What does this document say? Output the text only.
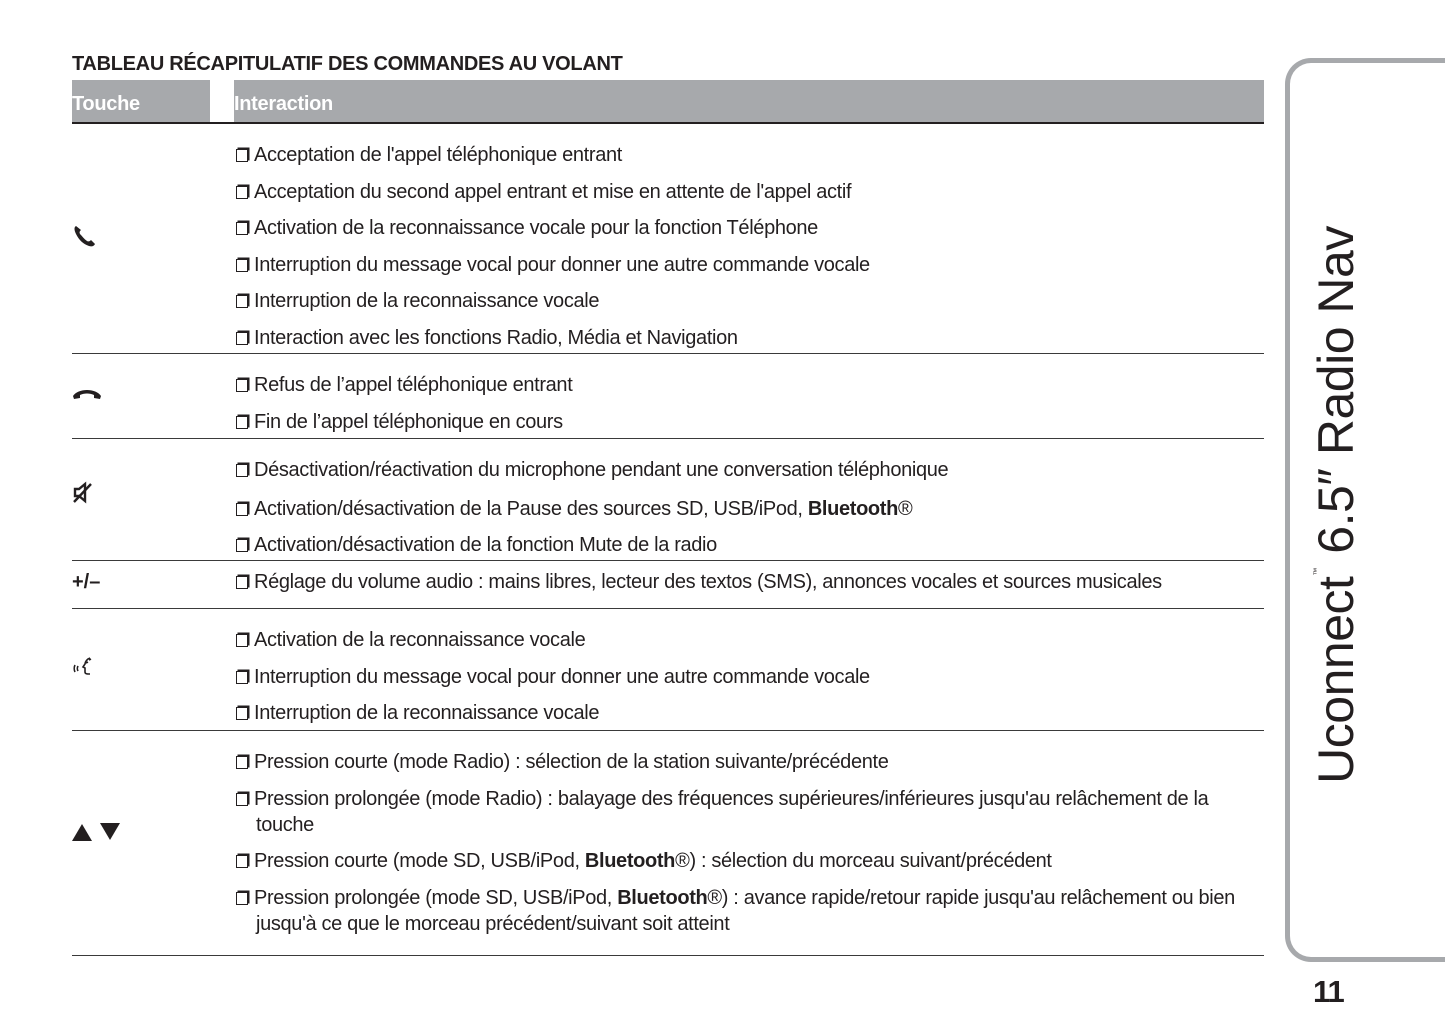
TABLEAU RÉCAPITULATIF DES COMMANDES AU VOLANT
Touche	Interaction
Acceptation de l'appel téléphonique entrant
Acceptation du second appel entrant et mise en attente de l'appel actif
Activation de la reconnaissance vocale pour la fonction Téléphone
Interruption du message vocal pour donner une autre commande vocale
Interruption de la reconnaissance vocale
Interaction avec les fonctions Radio, Média et Navigation
Refus de l’appel téléphonique entrant
Fin de l’appel téléphonique en cours
Désactivation/réactivation du microphone pendant une conversation téléphonique
Activation/désactivation de la Pause des sources SD, USB/iPod, Bluetooth®
Activation/désactivation de la fonction Mute de la radio
+/–	Réglage du volume audio : mains libres, lecteur des textos (SMS), annonces vocales et sources musicales
Activation de la reconnaissance vocale
Interruption du message vocal pour donner une autre commande vocale
Interruption de la reconnaissance vocale
Pression courte (mode Radio) : sélection de la station suivante/précédente
Pression prolongée (mode Radio) : balayage des fréquences supérieures/inférieures jusqu'au relâchement de la touche
Pression courte (mode SD, USB/iPod, Bluetooth®) : sélection du morceau suivant/précédent
Pression prolongée (mode SD, USB/iPod, Bluetooth®) : avance rapide/retour rapide jusqu'au relâchement ou bien jusqu'à ce que le morceau précédent/suivant soit atteint
Uconnect™ 6.5″ Radio Nav
11
